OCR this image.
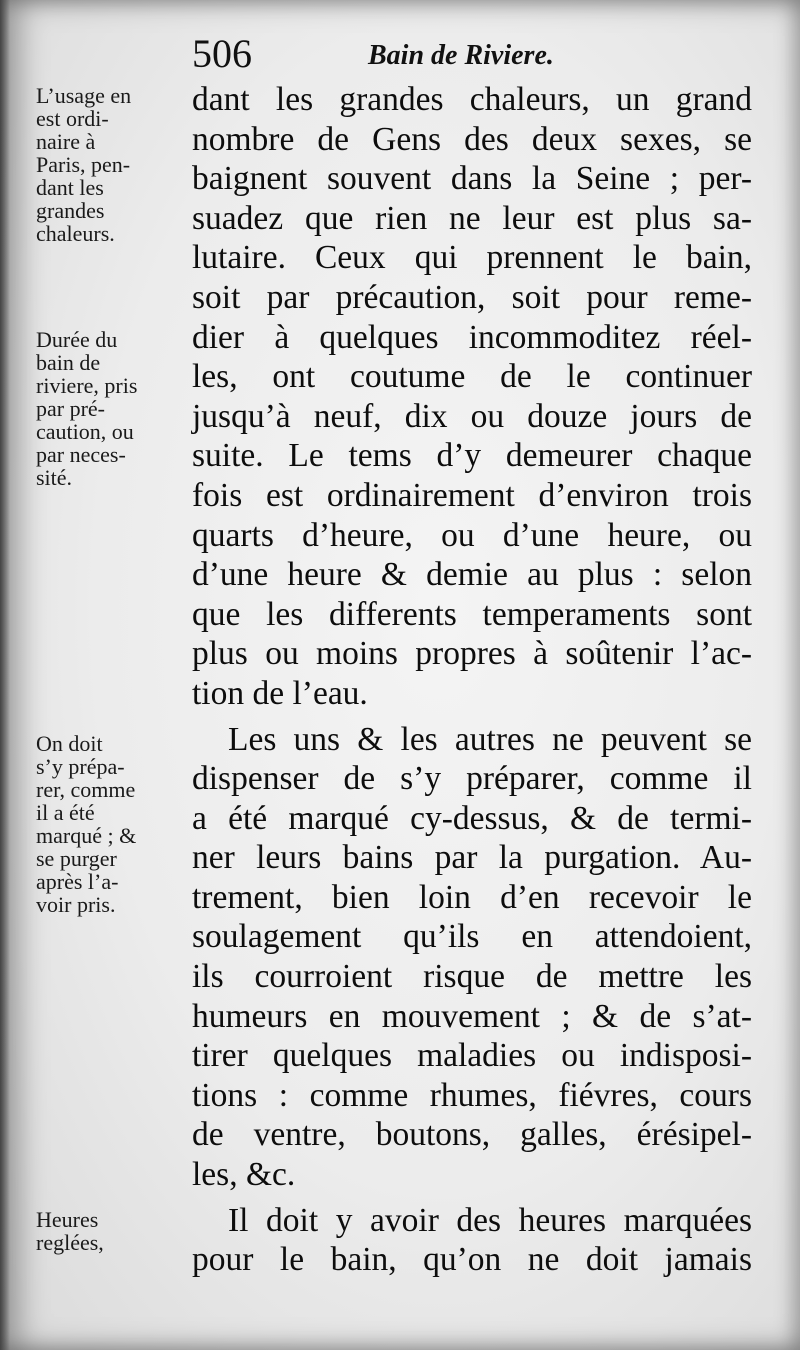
506	Bain de Riviere.
L’usage en
est ordi-
naire à
Paris, pen-
dant les
grandes
chaleurs.
Durée du
bain de
riviere, pris
par pré-
caution, ou
par neces-
sité.
On doit
s’y prépa-
rer, comme
il a été
marqué ; &
se purger
après l’a-
voir pris.
Heures
reglées,
dant les grandes chaleurs, un grand
nombre de Gens des deux sexes, se
baignent souvent dans la Seine ; per-
suadez que rien ne leur est plus sa-
lutaire. Ceux qui prennent le bain,
soit par précaution, soit pour reme-
dier à quelques incommoditez réel-
les, ont coutume de le continuer
jusqu’à neuf, dix ou douze jours de
suite. Le tems d’y demeurer chaque
fois est ordinairement d’environ trois
quarts d’heure, ou d’une heure, ou
d’une heure & demie au plus : selon
que les differents temperaments sont
plus ou moins propres à soûtenir l’ac-
tion de l’eau.
Les uns & les autres ne peuvent se
dispenser de s’y préparer, comme il
a été marqué cy-dessus, & de termi-
ner leurs bains par la purgation. Au-
trement, bien loin d’en recevoir le
soulagement qu’ils en attendoient,
ils courroient risque de mettre les
humeurs en mouvement ; & de s’at-
tirer quelques maladies ou indisposi-
tions : comme rhumes, fiévres, cours
de ventre, boutons, galles, érésipel-
les, &c.
Il doit y avoir des heures marquées
pour le bain, qu’on ne doit jamais
